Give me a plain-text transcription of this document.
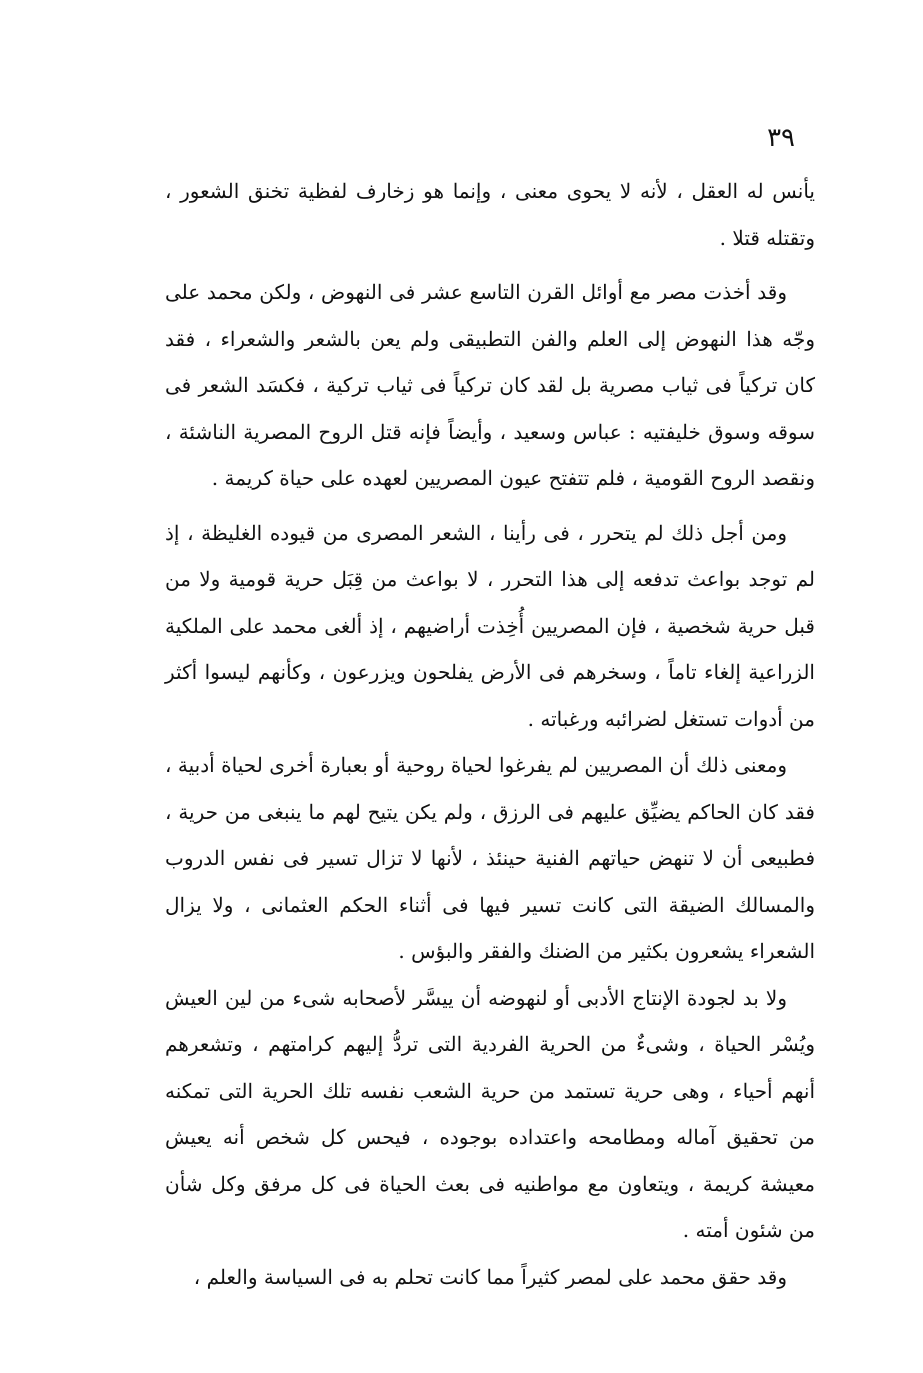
٣٩

يأنس له العقل ، لأنه لا يحوى معنى ، وإنما هو زخارف لفظية تخنق الشعور ، وتقتله قتلا .

وقد أخذت مصر مع أوائل القرن التاسع عشر فى النهوض ، ولكن محمد على وجّه هذا النهوض إلى العلم والفن التطبيقى ولم يعن بالشعر والشعراء ، فقد كان تركياً فى ثياب مصرية بل لقد كان تركياً فى ثياب تركية ، فكسَد الشعر فى سوقه وسوق خليفتيه : عباس وسعيد ، وأيضاً فإنه قتل الروح المصرية الناشئة ، ونقصد الروح القومية ، فلم تتفتح عيون المصريين لعهده على حياة كريمة .

ومن أجل ذلك لم يتحرر ، فى رأينا ، الشعر المصرى من قيوده الغليظة ، إذ لم توجد بواعث تدفعه إلى هذا التحرر ، لا بواعث من قِبَل حرية قومية ولا من قبل حرية شخصية ، فإن المصريين أُخِذت أراضيهم ، إذ ألغى محمد على الملكية الزراعية إلغاء تاماً ، وسخرهم فى الأرض يفلحون ويزرعون ، وكأنهم ليسوا أكثر من أدوات تستغل لضرائبه ورغباته .

ومعنى ذلك أن المصريين لم يفرغوا لحياة روحية أو بعبارة أخرى لحياة أدبية ، فقد كان الحاكم يضيِّق عليهم فى الرزق ، ولم يكن يتيح لهم ما ينبغى من حرية ، فطبيعى أن لا تنهض حياتهم الفنية حينئذ ، لأنها لا تزال تسير فى نفس الدروب والمسالك الضيقة التى كانت تسير فيها فى أثناء الحكم العثمانى ، ولا يزال الشعراء يشعرون بكثير من الضنك والفقر والبؤس .

ولا بد لجودة الإنتاج الأدبى أو لنهوضه أن ييسَّر لأصحابه شىء من لين العيش ويُسْر الحياة ، وشىءٌ من الحرية الفردية التى تردُّ إليهم كرامتهم ، وتشعرهم أنهم أحياء ، وهى حرية تستمد من حرية الشعب نفسه تلك الحرية التى تمكنه من تحقيق آماله ومطامحه واعتداده بوجوده ، فيحس كل شخص أنه يعيش معيشة كريمة ، ويتعاون مع مواطنيه فى بعث الحياة فى كل مرفق وكل شأن من شئون أمته .

وقد حقق محمد على لمصر كثيراً مما كانت تحلم به فى السياسة والعلم ،
